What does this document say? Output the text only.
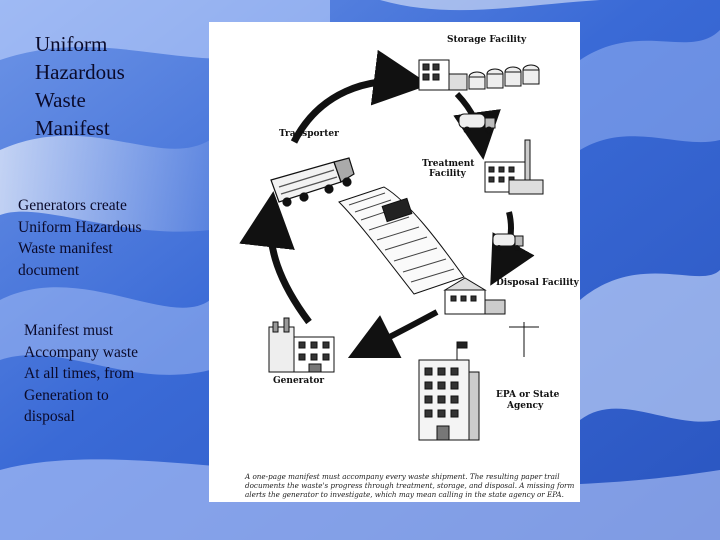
Uniform
Hazardous
Waste
Manifest
Generators create
Uniform Hazardous
Waste manifest
document
Manifest must
Accompany waste
At all times, from
Generation to
disposal
Storage Facility
Transporter
Treatment
Facility
Disposal Facility
Generator
EPA or State
Agency
A one-page manifest must accompany every waste shipment. The resulting paper trail documents the waste's progress through treatment, storage, and disposal. A missing form alerts the generator to investigate, which may mean calling in the state agency or EPA.
